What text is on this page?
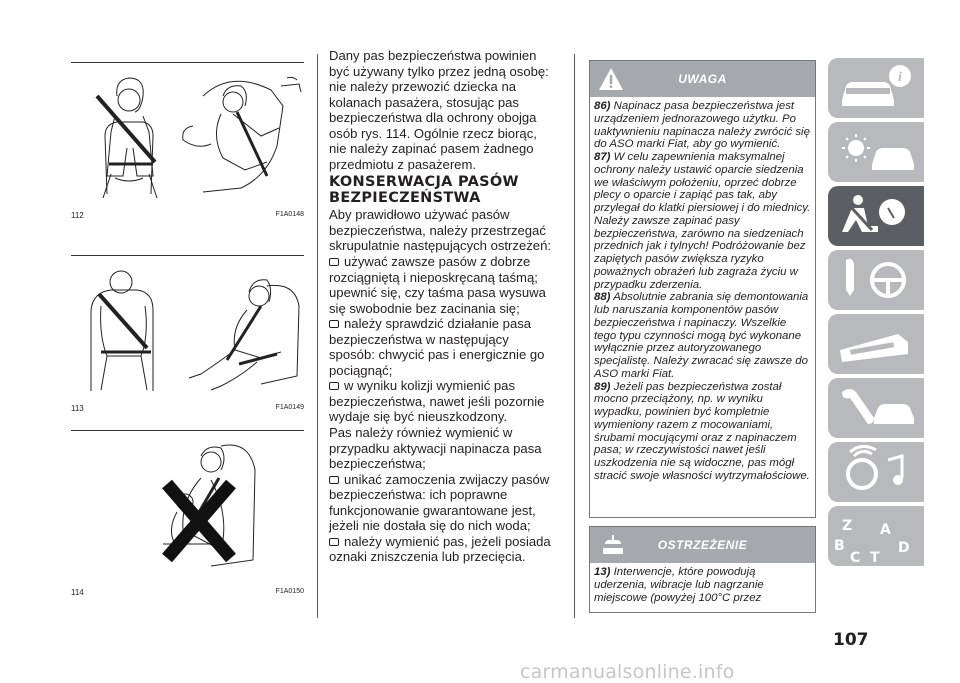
112	F1A0148
113	F1A0149
114	F1A0150

Dany pas bezpieczeństwa powinien być używany tylko przez jedną osobę: nie należy przewozić dziecka na kolanach pasażera, stosując pas bezpieczeństwa dla ochrony obojga osób rys. 114. Ogólnie rzecz biorąc, nie należy zapinać pasem żadnego przedmiotu z pasażerem.

KONSERWACJA PASÓW BEZPIECZEŃSTWA

Aby prawidłowo używać pasów bezpieczeństwa, należy przestrzegać skrupulatnie następujących ostrzeżeń:

używać zawsze pasów z dobrze rozciągniętą i nieposkręcaną taśmą; upewnić się, czy taśma pasa wysuwa się swobodnie bez zacinania się;

należy sprawdzić działanie pasa bezpieczeństwa w następujący sposób: chwycić pas i energicznie go pociągnąć;

w wyniku kolizji wymienić pas bezpieczeństwa, nawet jeśli pozornie wydaje się być nieuszkodzony.

Pas należy również wymienić w przypadku aktywacji napinacza pasa bezpieczeństwa;

unikać zamoczenia zwijaczy pasów bezpieczeństwa: ich poprawne funkcjonowanie gwarantowane jest, jeżeli nie dostała się do nich woda;

należy wymienić pas, jeżeli posiada oznaki zniszczenia lub przecięcia.

UWAGA

86) Napinacz pasa bezpieczeństwa jest urządzeniem jednorazowego użytku. Po uaktywnieniu napinacza należy zwrócić się do ASO marki Fiat, aby go wymienić.

87) W celu zapewnienia maksymalnej ochrony należy ustawić oparcie siedzenia we właściwym położeniu, oprzeć dobrze plecy o oparcie i zapiąć pas tak, aby przylegał do klatki piersiowej i do miednicy. Należy zawsze zapinać pasy bezpieczeństwa, zarówno na siedzeniach przednich jak i tylnych! Podróżowanie bez zapiętych pasów zwiększa ryzyko poważnych obrażeń lub zagraża życiu w przypadku zderzenia.

88) Absolutnie zabrania się demontowania lub naruszania komponentów pasów bezpieczeństwa i napinaczy. Wszelkie tego typu czynności mogą być wykonane wyłącznie przez autoryzowanego specjalistę. Należy zwracać się zawsze do ASO marki Fiat.

89) Jeżeli pas bezpieczeństwa został mocno przeciążony, np. w wyniku wypadku, powinien być kompletnie wymieniony razem z mocowaniami, śrubami mocującymi oraz z napinaczem pasa; w rzeczywistości nawet jeśli uszkodzenia nie są widoczne, pas mógł stracić swoje własności wytrzymałościowe.

OSTRZEŻENIE

13) Interwencje, które powodują uderzenia, wibracje lub nagrzanie miejscowe (powyżej 100°C przez

i
Z
B
A
C T
D
107
carmanualsonline.info
